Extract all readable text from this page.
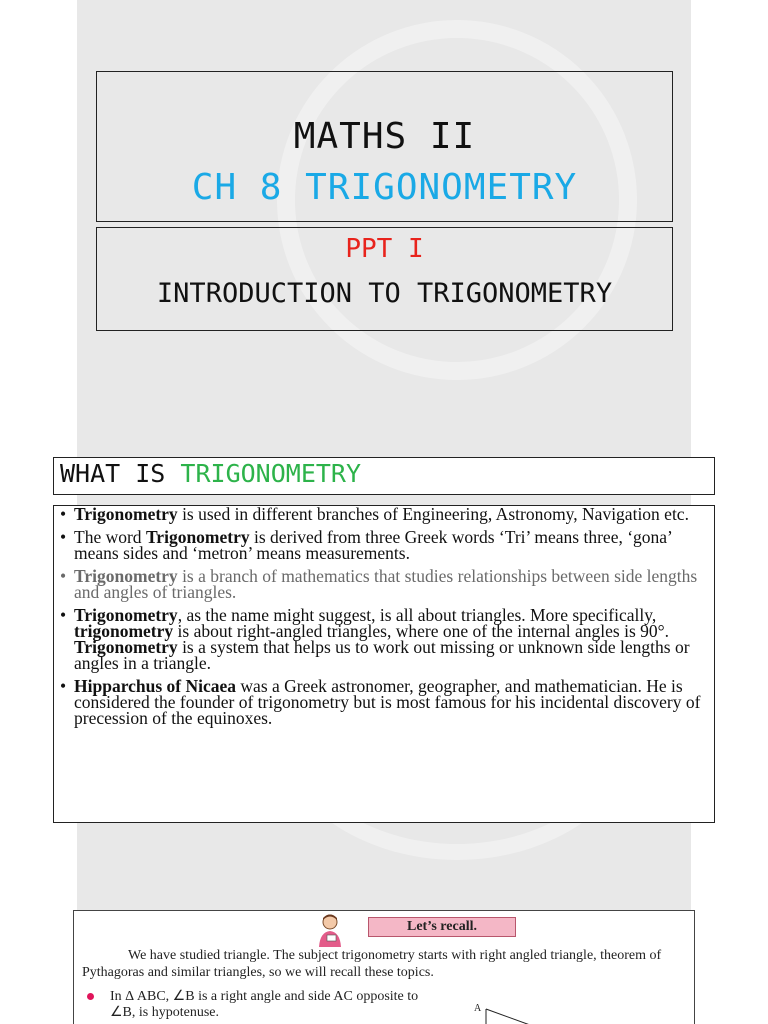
MATHS II
CH 8 TRIGONOMETRY
PPT I
INTRODUCTION TO TRIGONOMETRY
WHAT IS TRIGONOMETRY
• Trigonometry is used in different branches of Engineering, Astronomy, Navigation etc.
• The word Trigonometry is derived from three Greek words ‘Tri’ means three, ‘gona’ means sides and ‘metron’ means measurements.
• Trigonometry is a branch of mathematics that studies relationships between side lengths and angles of triangles.
• Trigonometry, as the name might suggest, is all about triangles. More specifically, trigonometry is about right-angled triangles, where one of the internal angles is 90°. Trigonometry is a system that helps us to work out missing or unknown side lengths or angles in a triangle.
• Hipparchus of Nicaea was a Greek astronomer, geographer, and mathematician. He is considered the founder of trigonometry but is most famous for his incidental discovery of precession of the equinoxes.
Let’s recall.
We have studied triangle. The subject trigonometry starts with right angled triangle, theorem of Pythagoras and similar triangles, so we will recall these topics.
In Δ ABC, ∠B is a right angle and side AC opposite to ∠B, is hypotenuse.	A
